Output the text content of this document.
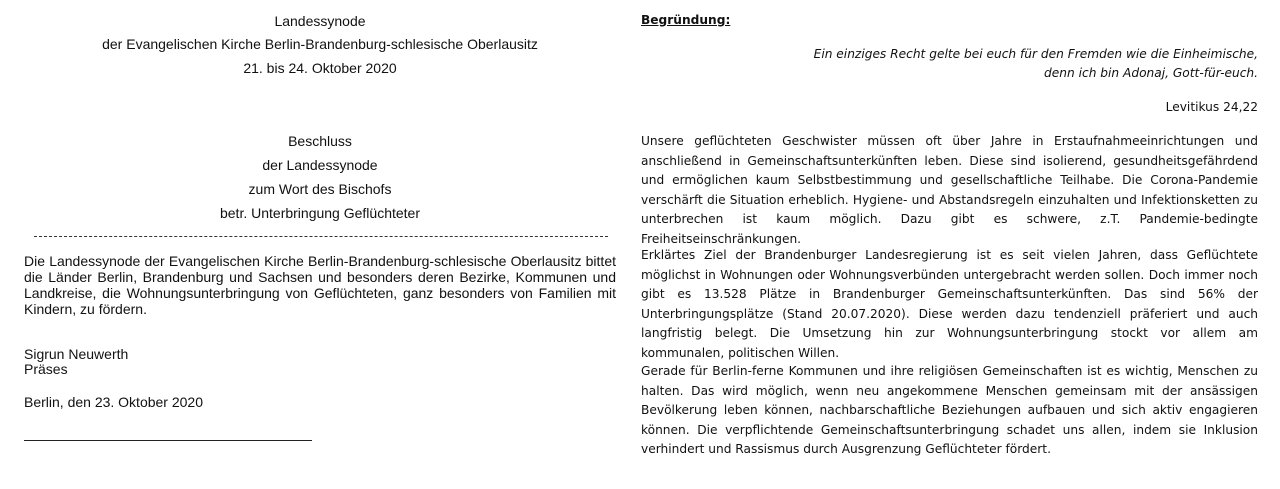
Landessynode
der Evangelischen Kirche Berlin-Brandenburg-schlesische Oberlausitz
21. bis 24. Oktober 2020
Beschluss
der Landessynode
zum Wort des Bischofs
betr. Unterbringung Geflüchteter
Die Landessynode der Evangelischen Kirche Berlin-Brandenburg-schlesische Oberlausitz bittet die Länder Berlin, Brandenburg und Sachsen und besonders deren Bezirke, Kommunen und Landkreise, die Wohnungsunterbringung von Geflüchteten, ganz besonders von Familien mit Kindern, zu fördern.
Sigrun Neuwerth
Präses
Berlin, den 23. Oktober 2020
Begründung:
Ein einziges Recht gelte bei euch für den Fremden wie die Einheimische,
denn ich bin Adonaj, Gott-für-euch.
Levitikus 24,22
Unsere geflüchteten Geschwister müssen oft über Jahre in Erstaufnahmeeinrichtungen und anschließend in Gemeinschaftsunterkünften leben. Diese sind isolierend, gesundheitsgefährdend und ermöglichen kaum Selbstbestimmung und gesellschaftliche Teilhabe. Die Corona-Pandemie verschärft die Situation erheblich. Hygiene- und Abstandsregeln einzuhalten und Infektionsketten zu unterbrechen ist kaum möglich. Dazu gibt es schwere, z.T. Pandemie-bedingte Freiheitseinschränkungen.
Erklärtes Ziel der Brandenburger Landesregierung ist es seit vielen Jahren, dass Geflüchtete möglichst in Wohnungen oder Wohnungsverbünden untergebracht werden sollen. Doch immer noch gibt es 13.528 Plätze in Brandenburger Gemeinschaftsunterkünften. Das sind 56% der Unterbringungsplätze (Stand 20.07.2020). Diese werden dazu tendenziell präferiert und auch langfristig belegt. Die Umsetzung hin zur Wohnungsunterbringung stockt vor allem am kommunalen, politischen Willen.
Gerade für Berlin-ferne Kommunen und ihre religiösen Gemeinschaften ist es wichtig, Menschen zu halten. Das wird möglich, wenn neu angekommene Menschen gemeinsam mit der ansässigen Bevölkerung leben können, nachbarschaftliche Beziehungen aufbauen und sich aktiv engagieren können. Die verpflichtende Gemeinschaftsunterbringung schadet uns allen, indem sie Inklusion verhindert und Rassismus durch Ausgrenzung Geflüchteter fördert.
